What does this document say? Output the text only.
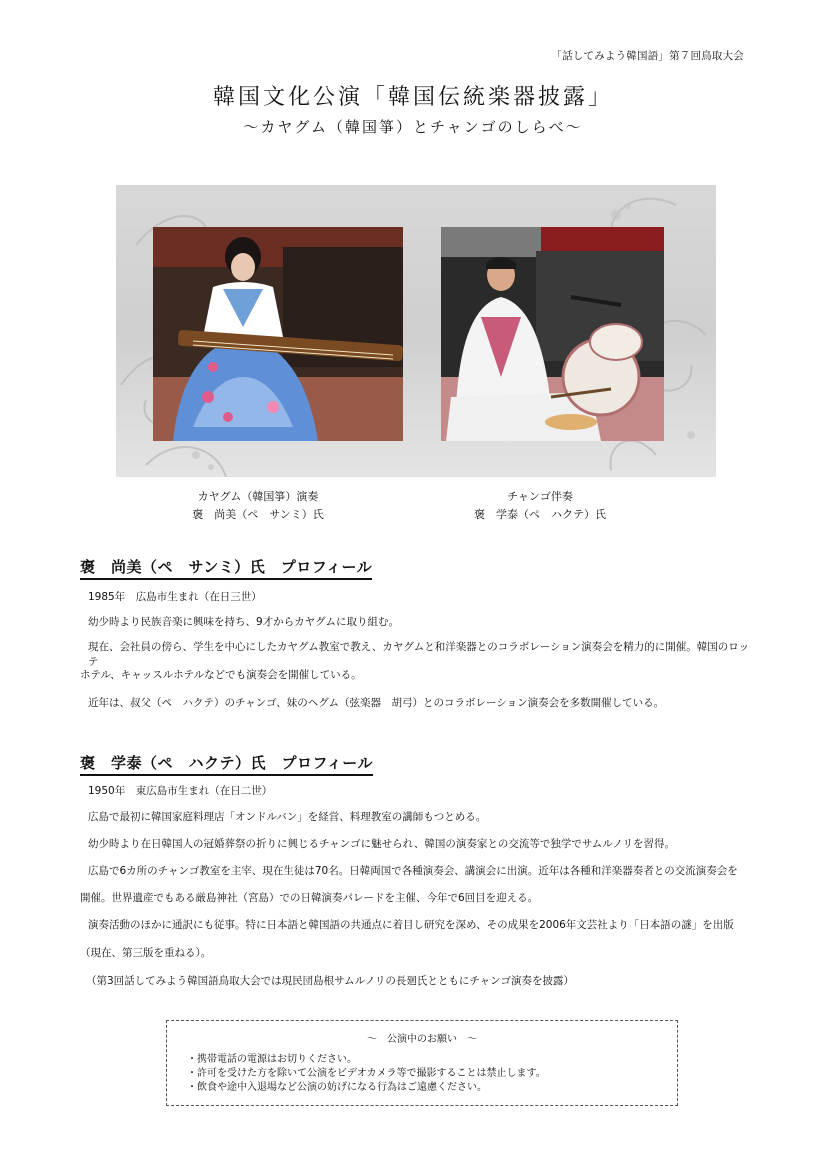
「話してみよう韓国語」第７回鳥取大会
韓国文化公演「韓国伝統楽器披露」
〜カヤグム（韓国箏）とチャンゴのしらべ〜
カヤグム（韓国箏）演奏
褒　尚美（ペ　サンミ）氏
チャンゴ伴奏
褒　学泰（ペ　ハクテ）氏
褒　尚美（ペ　サンミ）氏　プロフィール
1985年　広島市生まれ（在日三世）
幼少時より民族音楽に興味を持ち、9才からカヤグムに取り組む。
現在、会社員の傍ら、学生を中心にしたカヤグム教室で教え、カヤグムと和洋楽器とのコラボレーション演奏会を精力的に開催。韓国のロッテ
ホテル、キャッスルホテルなどでも演奏会を開催している。
近年は、叔父（ペ　ハクテ）のチャンゴ、妹のヘグム（弦楽器　胡弓）とのコラボレーション演奏会を多数開催している。
褒　学泰（ペ　ハクテ）氏　プロフィール
1950年　東広島市生まれ（在日二世）
広島で最初に韓国家庭料理店「オンドルバン」を経営、料理教室の講師もつとめる。
幼少時より在日韓国人の冠婚葬祭の折りに興じるチャンゴに魅せられ、韓国の演奏家との交流等で独学でサムルノリを習得。
広島で6カ所のチャンゴ教室を主宰、現在生徒は70名。日韓両国で各種演奏会、講演会に出演。近年は各種和洋楽器奏者との交流演奏会を
開催。世界遺産でもある厳島神社（宮島）での日韓演奏パレードを主催、今年で6回目を迎える。
演奏活動のほかに通訳にも従事。特に日本語と韓国語の共通点に着目し研究を深め、その成果を2006年文芸社より「日本語の謎」を出版
（現在、第三版を重ねる）。
（第3回話してみよう韓国語鳥取大会では現民団島根サムルノリの長廻氏とともにチャンゴ演奏を披露）
〜　公演中のお願い　〜
・携帯電話の電源はお切りください。
・許可を受けた方を除いて公演をビデオカメラ等で撮影することは禁止します。
・飲食や途中入退場など公演の妨げになる行為はご遠慮ください。
